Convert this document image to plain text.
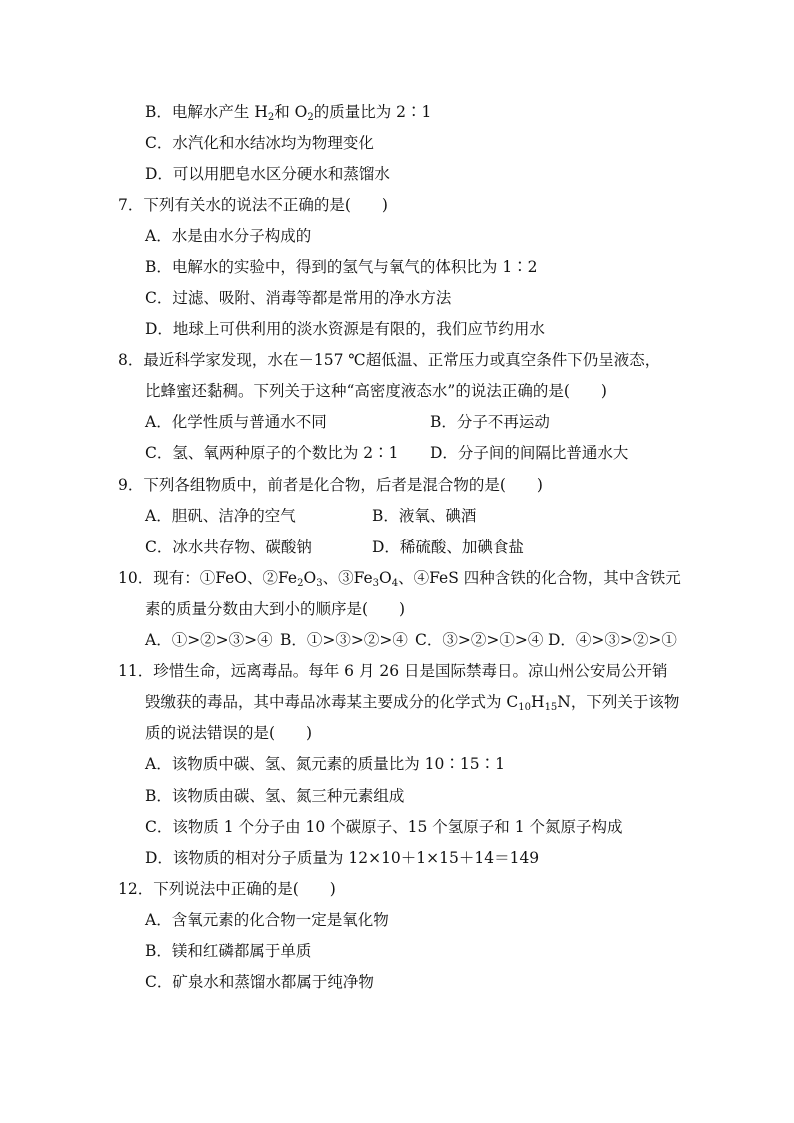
B．电解水产生 $H_2$和 $O_2$的质量比为 2∶1
C．水汽化和水结冰均为物理变化
D．可以用肥皂水区分硬水和蒸馏水
7．下列有关水的说法不正确的是(　　)
A．水是由水分子构成的
B．电解水的实验中，得到的氢气与氧气的体积比为 1∶2
C．过滤、吸附、消毒等都是常用的净水方法
D．地球上可供利用的淡水资源是有限的，我们应节约用水
8．最近科学家发现，水在－157 ℃超低温、正常压力或真空条件下仍呈液态，
比蜂蜜还黏稠。下列关于这种“高密度液态水”的说法正确的是(　　)
A．化学性质与普通水不同	B．分子不再运动
C．氢、氧两种原子的个数比为 2∶1 D．分子间的间隔比普通水大
9．下列各组物质中，前者是化合物，后者是混合物的是(　　)
A．胆矾、洁净的空气	B．液氧、碘酒
C．冰水共存物、碳酸钠	D．稀硫酸、加碘食盐
10．现有：①FeO、$②Fe_2O_3$、$③Fe_3O_4$、④FeS 四种含铁的化合物，其中含铁元
素的质量分数由大到小的顺序是(　　)
A．①>②>③>④ B．①>③>②>④ C．③>②>①>④ D．④>③>②>①
11．珍惜生命，远离毒品。每年 6 月 26 日是国际禁毒日。凉山州公安局公开销
毁缴获的毒品，其中毒品冰毒某主要成分的化学式为 $C_{10}H_{15}N$，下列关于该物
质的说法错误的是(　　)
A．该物质中碳、氢、氮元素的质量比为 10∶15∶1
B．该物质由碳、氢、氮三种元素组成
C．该物质 1 个分子由 10 个碳原子、15 个氢原子和 1 个氮原子构成
D．该物质的相对分子质量为 12×10＋1×15＋14＝149
12．下列说法中正确的是(　　)
A．含氧元素的化合物一定是氧化物
B．镁和红磷都属于单质
C．矿泉水和蒸馏水都属于纯净物
